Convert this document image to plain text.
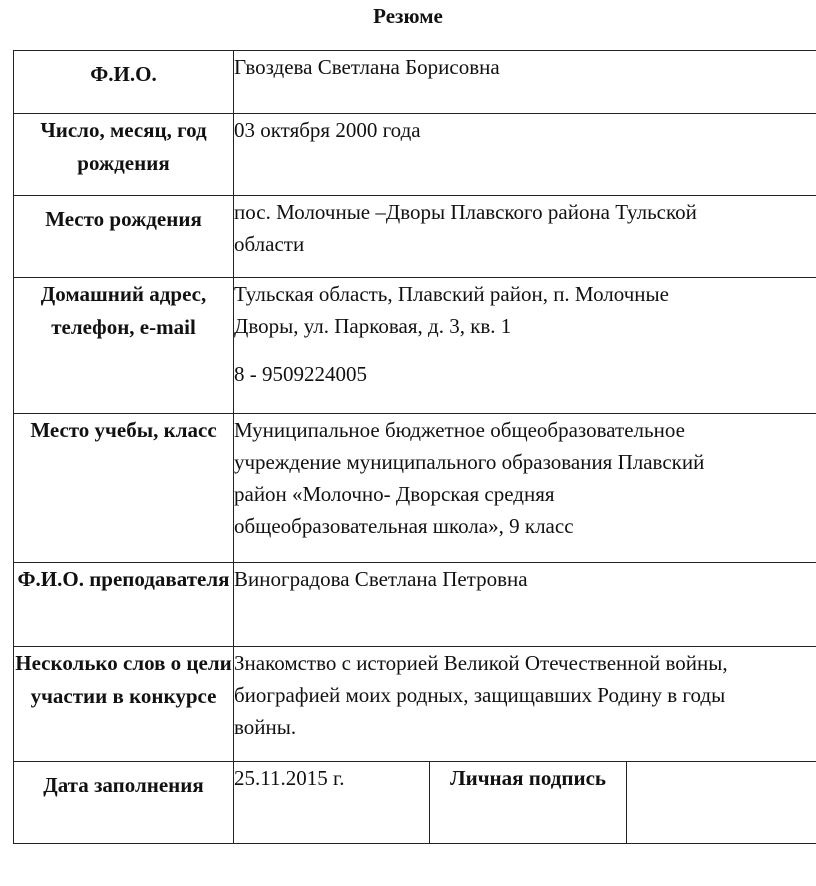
Резюме
Ф.И.О.	Гвоздева Светлана Борисовна		
Число, месяц, год рождения	03 октября 2000 года		
Место рождения	пос. Молочные –Дворы Плавского района Тульской
области		

Домашний адрес, телефон, e-mail	Тульская область, Плавский район, п. Молочные
Дворы, ул. Парковая, д. 3, кв. 1
8 - 9509224005		

Место учебы, класс	Муниципальное бюджетное общеобразовательное
учреждение муниципального образования Плавский
район «Молочно- Дворская средняя
общеобразовательная школа», 9 класс		

Ф.И.О. преподавателя	Виноградова Светлана Петровна		
Несколько слов о цели участии в конкурсе	Знакомство с историей Великой Отечественной войны,
биографией моих родных, защищавших Родину в годы
войны.		

Дата заполнения	25.11.2015 г.	Личная подпись	
